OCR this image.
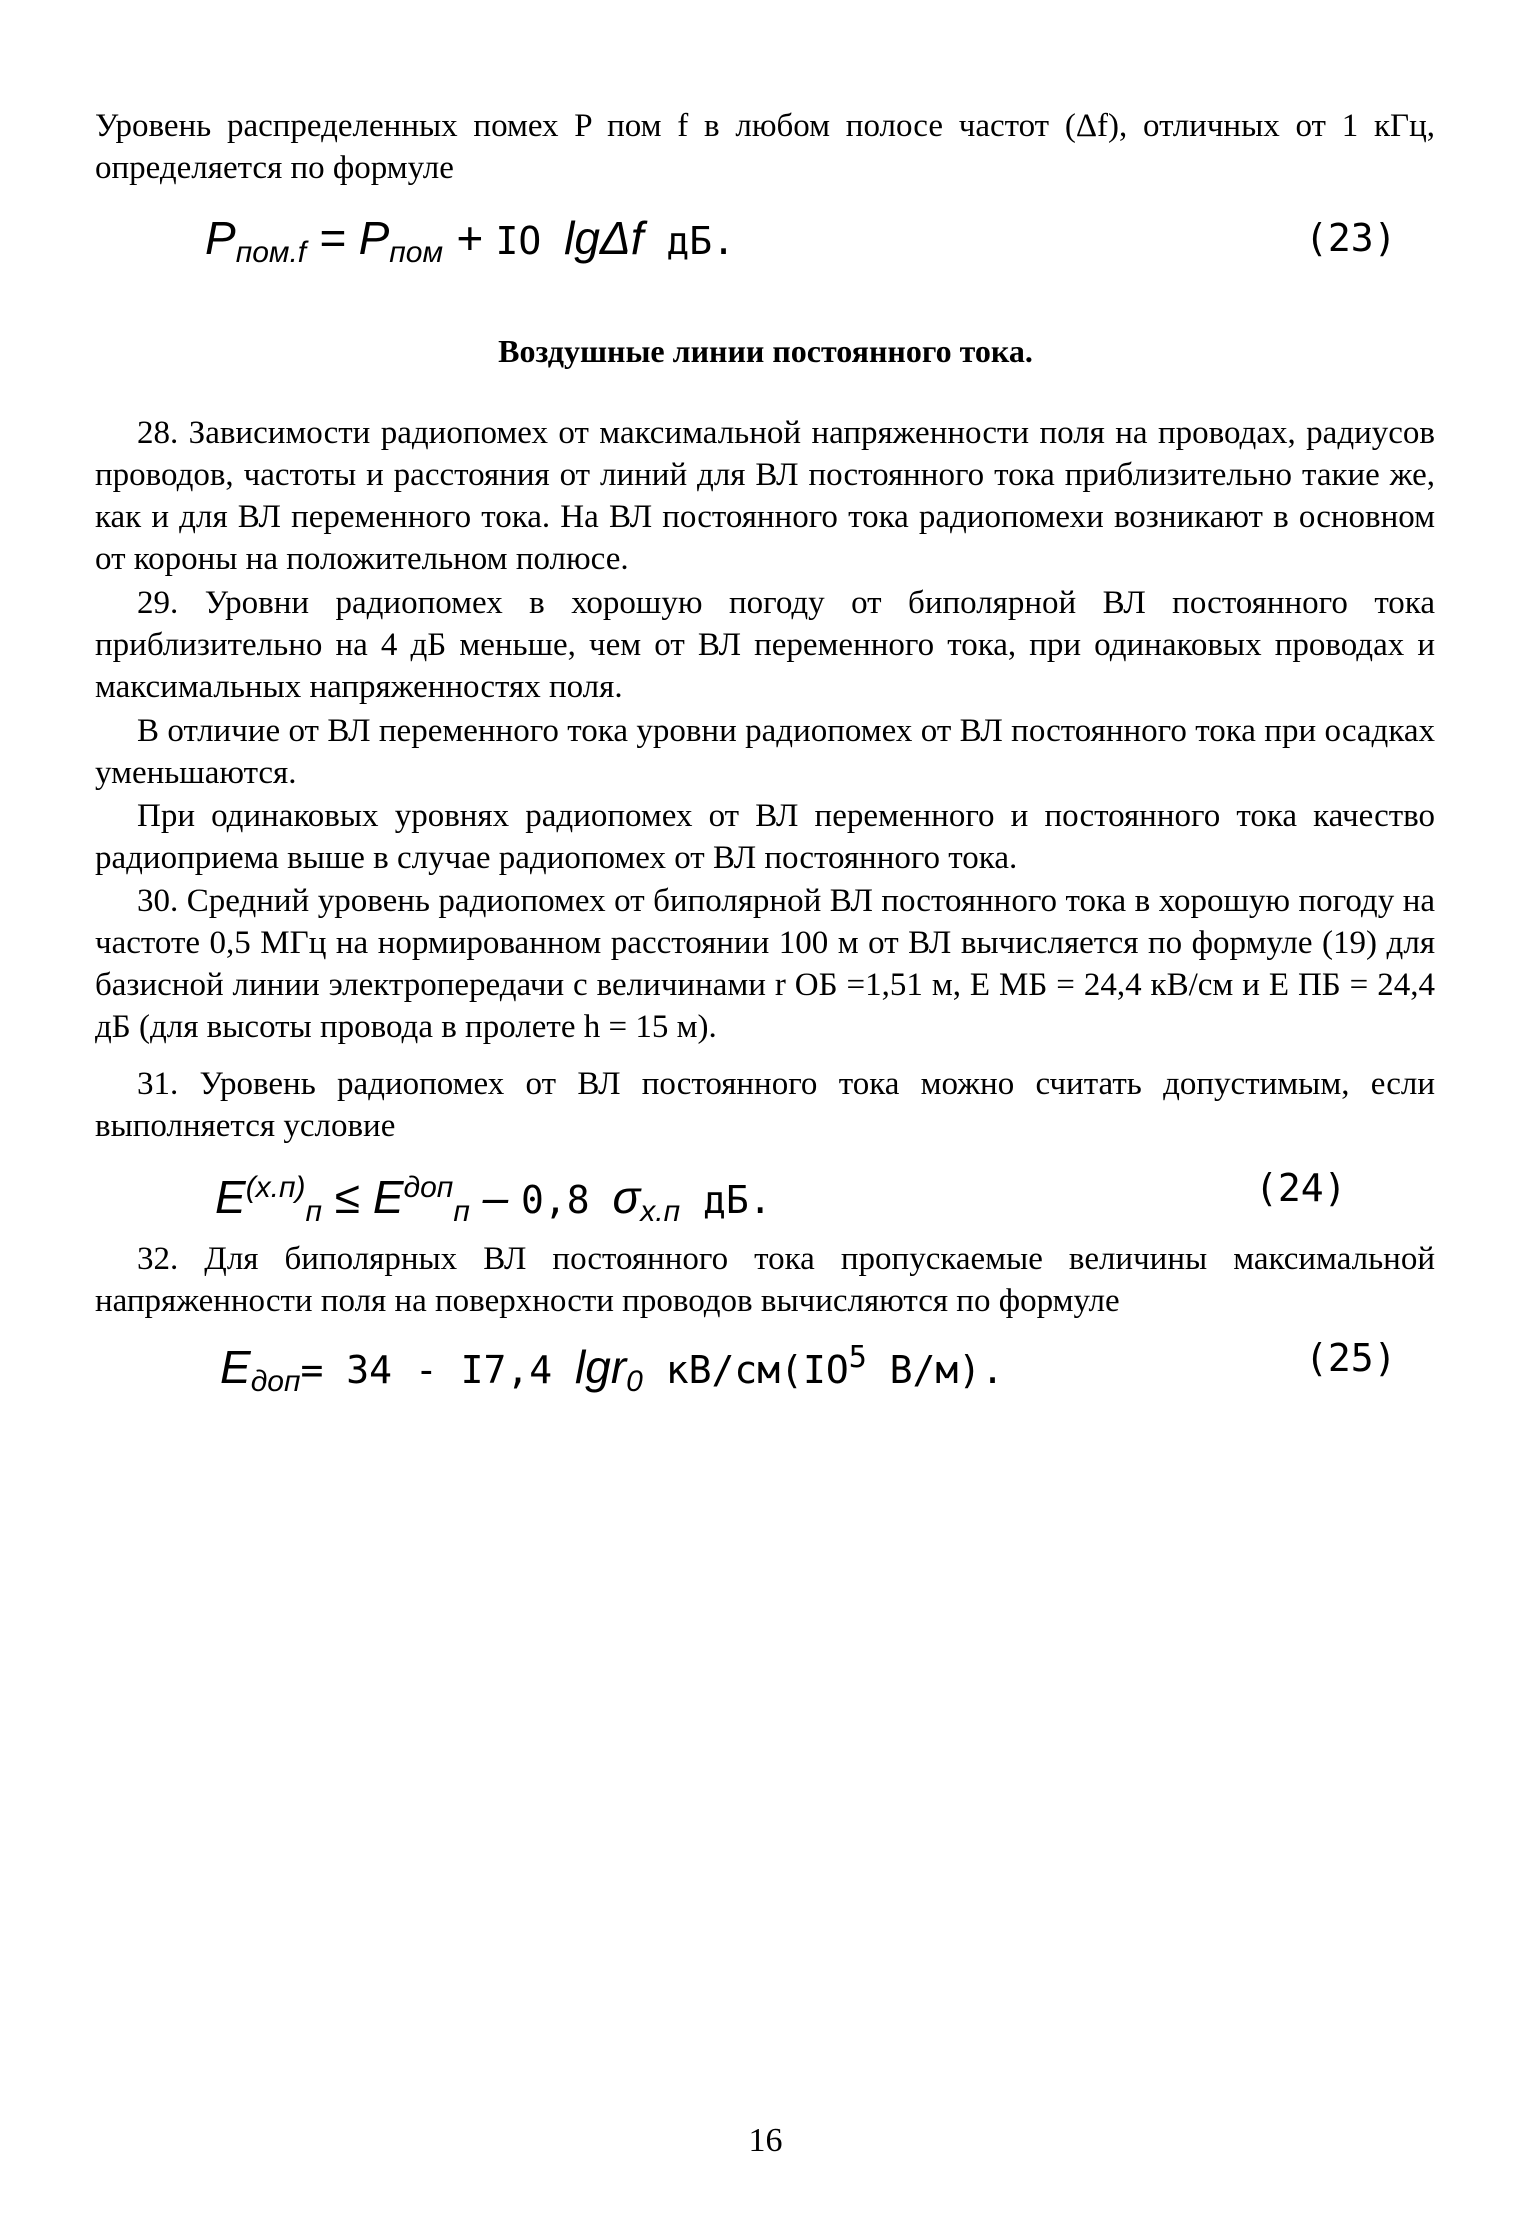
Уровень распределенных помех P пом f в любом полосе частот (Δf), отличных от 1 кГц, определяется по формуле

Pпом.f = Pпом + IO lgΔf дБ.	(23)
Воздушные линии постоянного тока.

28. Зависимости радиопомех от максимальной напряженности поля на проводах, радиусов проводов, частоты и расстояния от линий для ВЛ постоянного тока приблизительно такие же, как и для ВЛ переменного тока. На ВЛ постоянного тока радиопомехи возникают в основном от короны на положительном полюсе.

29. Уровни радиопомех в хорошую погоду от биполярной ВЛ постоянного тока приблизительно на 4 дБ меньше, чем от ВЛ переменного тока, при одинаковых проводах и максимальных напряженностях поля.

В отличие от ВЛ переменного тока уровни радиопомех от ВЛ постоянного тока при осадках уменьшаются.

При одинаковых уровнях радиопомех от ВЛ переменного и постоянного тока качество радиоприема выше в случае радиопомех от ВЛ постоянного тока.

30. Средний уровень радиопомех от биполярной ВЛ постоянного тока в хорошую погоду на частоте 0,5 МГц на нормированном расстоянии 100 м от ВЛ вычисляется по формуле (19) для базисной линии электропередачи с величинами r ОБ =1,51 м, E МБ = 24,4 кВ/см и E ПБ = 24,4 дБ (для высоты провода в пролете h = 15 м).

31. Уровень радиопомех от ВЛ постоянного тока можно считать допустимым, если выполняется условие

$E^{(х.п)}п \le E^{доп}п - 0,8$ σх.п дБ.	(24)

32. Для биполярных ВЛ постоянного тока пропускаемые величины максимальной напряженности поля на поверхности проводов вычисляются по формуле

Eдоп= 34 - I7,4 lgr0 $кВ/см(IO^5$ В/м).	(25)
16
